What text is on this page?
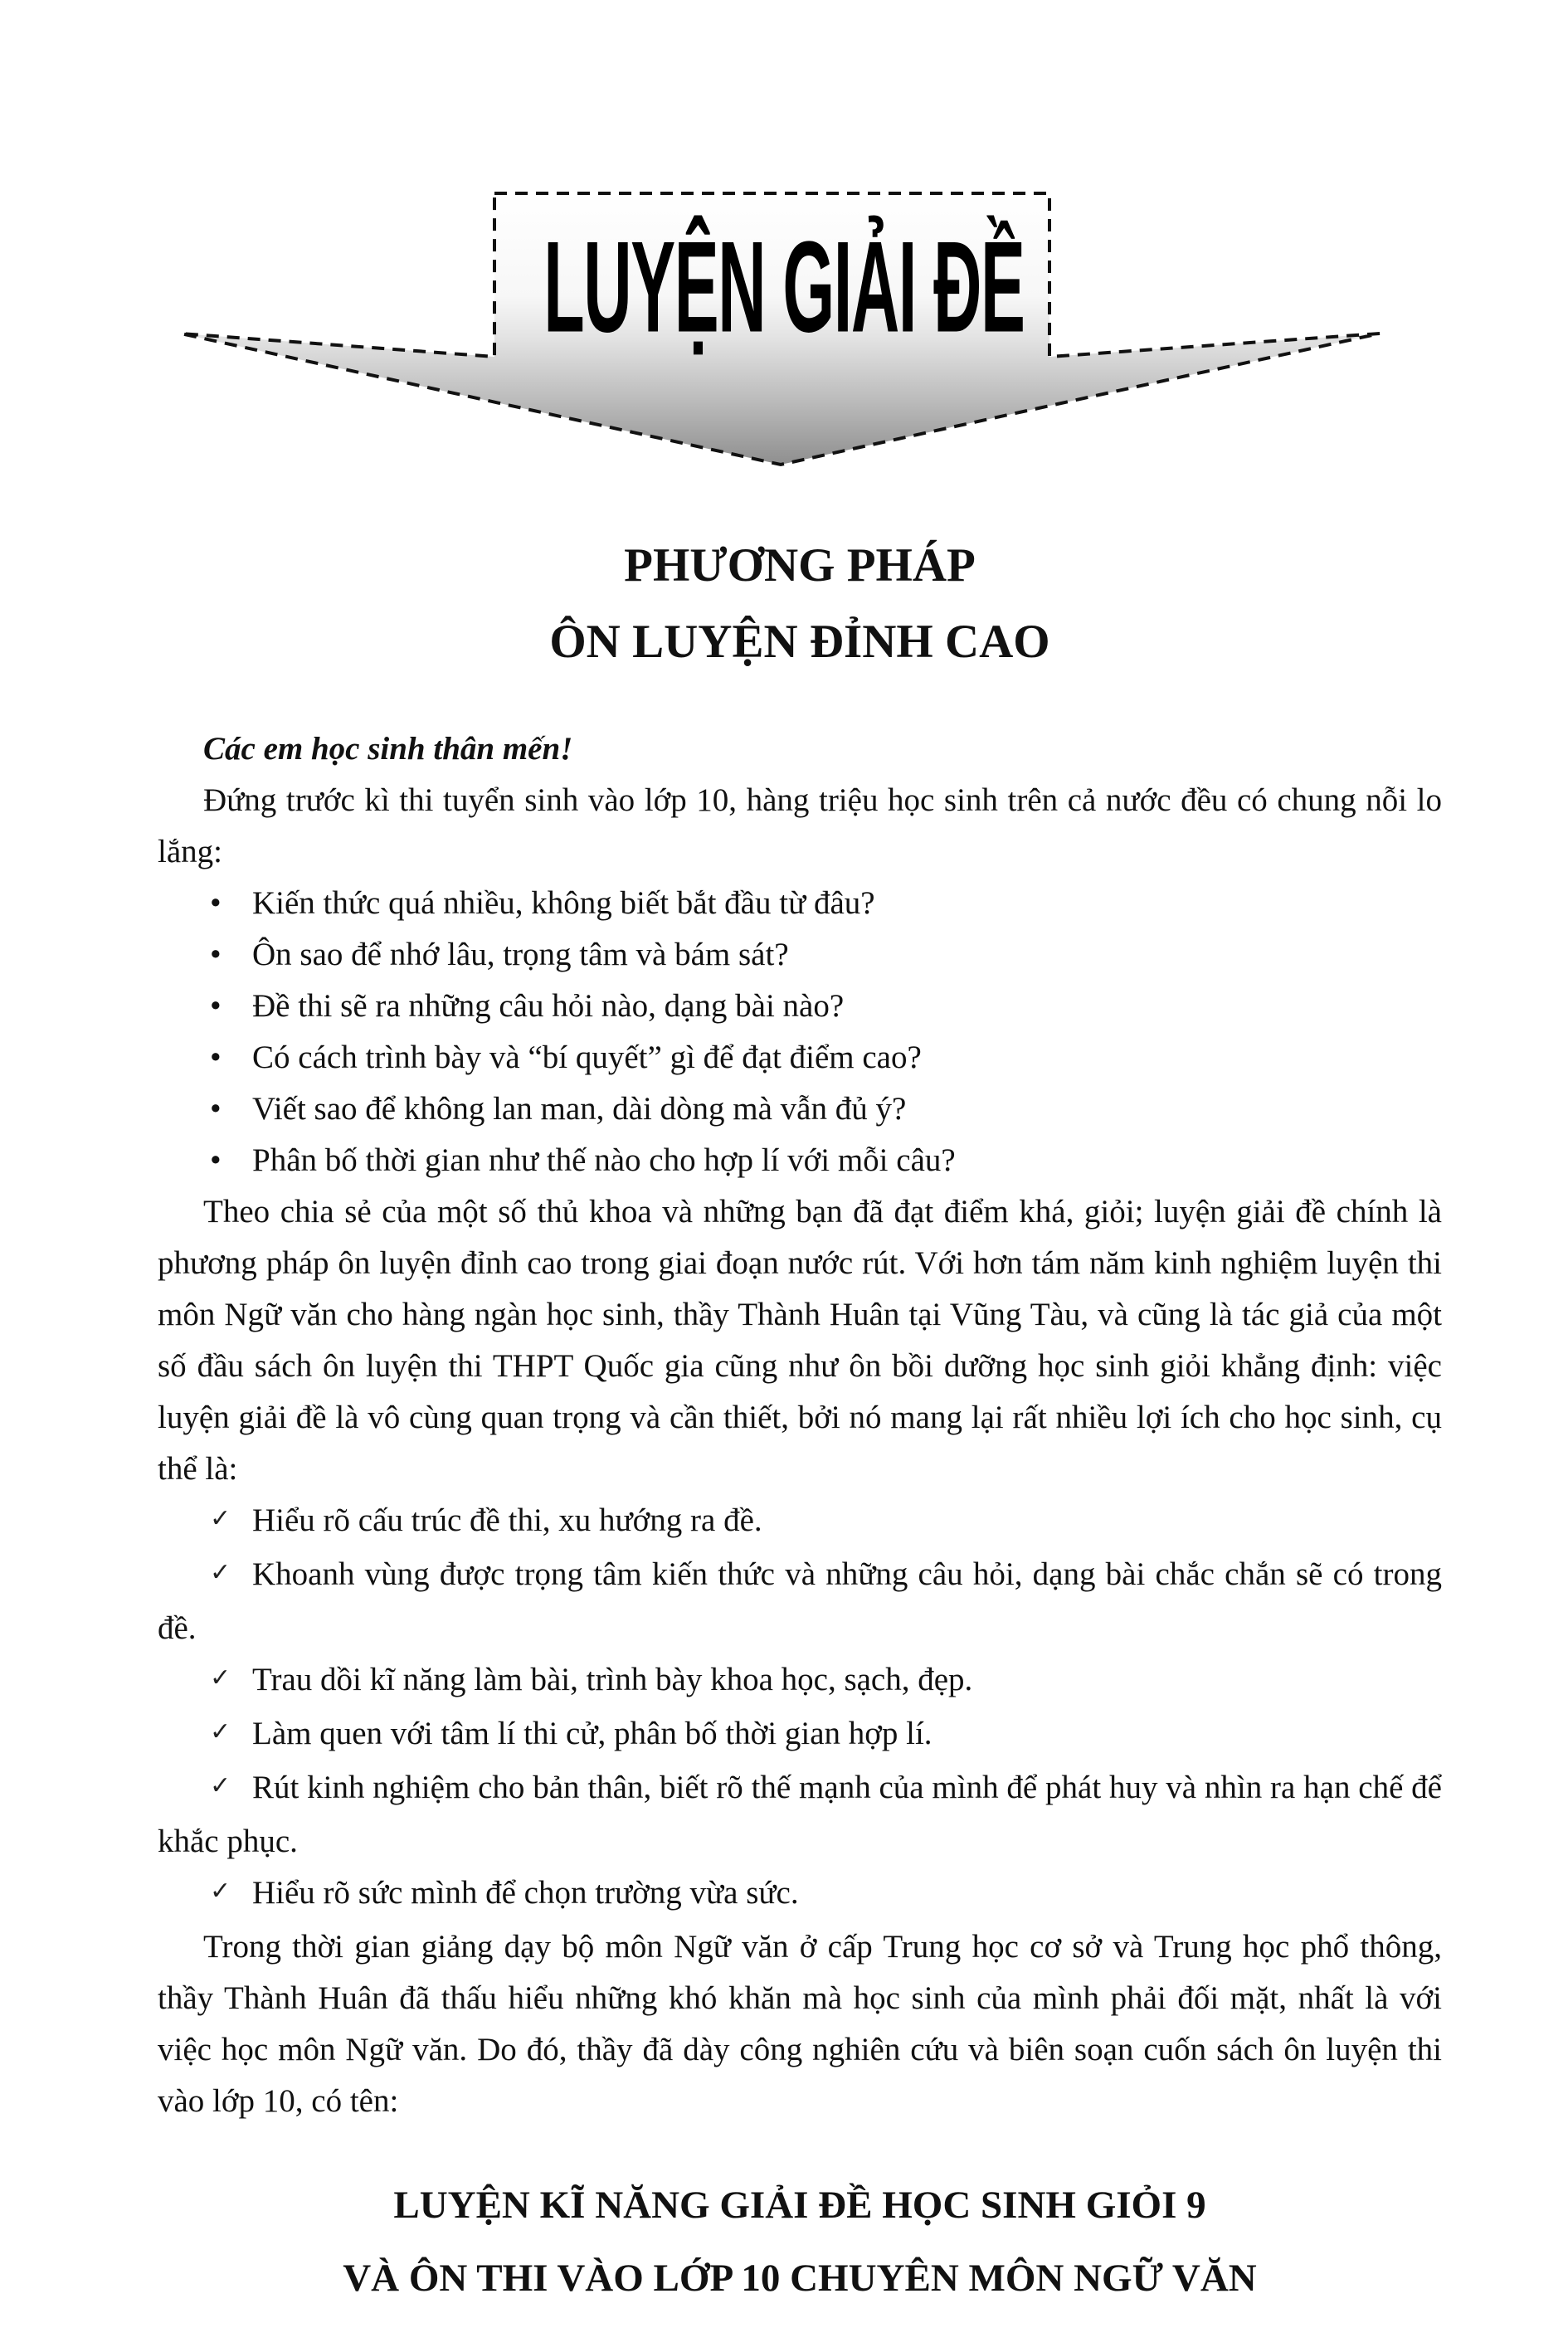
LUYỆN GIẢI ĐỀ
PHƯƠNG PHÁP
ÔN LUYỆN ĐỈNH CAO

Các em học sinh thân mến!

Đứng trước kì thi tuyển sinh vào lớp 10, hàng triệu học sinh trên cả nước đều có chung nỗi lo lắng:

• Kiến thức quá nhiều, không biết bắt đầu từ đâu?

• Ôn sao để nhớ lâu, trọng tâm và bám sát?

• Đề thi sẽ ra những câu hỏi nào, dạng bài nào?

• Có cách trình bày và “bí quyết” gì để đạt điểm cao?

• Viết sao để không lan man, dài dòng mà vẫn đủ ý?

• Phân bố thời gian như thế nào cho hợp lí với mỗi câu?

Theo chia sẻ của một số thủ khoa và những bạn đã đạt điểm khá, giỏi; luyện giải đề chính là phương pháp ôn luyện đỉnh cao trong giai đoạn nước rút. Với hơn tám năm kinh nghiệm luyện thi môn Ngữ văn cho hàng ngàn học sinh, thầy Thành Huân tại Vũng Tàu, và cũng là tác giả của một số đầu sách ôn luyện thi THPT Quốc gia cũng như ôn bồi dưỡng học sinh giỏi khẳng định: việc luyện giải đề là vô cùng quan trọng và cần thiết, bởi nó mang lại rất nhiều lợi ích cho học sinh, cụ thể là:

✓ Hiểu rõ cấu trúc đề thi, xu hướng ra đề.

✓ Khoanh vùng được trọng tâm kiến thức và những câu hỏi, dạng bài chắc chắn sẽ có trong đề.

✓ Trau dồi kĩ năng làm bài, trình bày khoa học, sạch, đẹp.

✓ Làm quen với tâm lí thi cử, phân bố thời gian hợp lí.

✓ Rút kinh nghiệm cho bản thân, biết rõ thế mạnh của mình để phát huy và nhìn ra hạn chế để khắc phục.

✓ Hiểu rõ sức mình để chọn trường vừa sức.

Trong thời gian giảng dạy bộ môn Ngữ văn ở cấp Trung học cơ sở và Trung học phổ thông, thầy Thành Huân đã thấu hiểu những khó khăn mà học sinh của mình phải đối mặt, nhất là với việc học môn Ngữ văn. Do đó, thầy đã dày công nghiên cứu và biên soạn cuốn sách ôn luyện thi vào lớp 10, có tên:

LUYỆN KĨ NĂNG GIẢI ĐỀ HỌC SINH GIỎI 9
VÀ ÔN THI VÀO LỚP 10 CHUYÊN MÔN NGỮ VĂN
